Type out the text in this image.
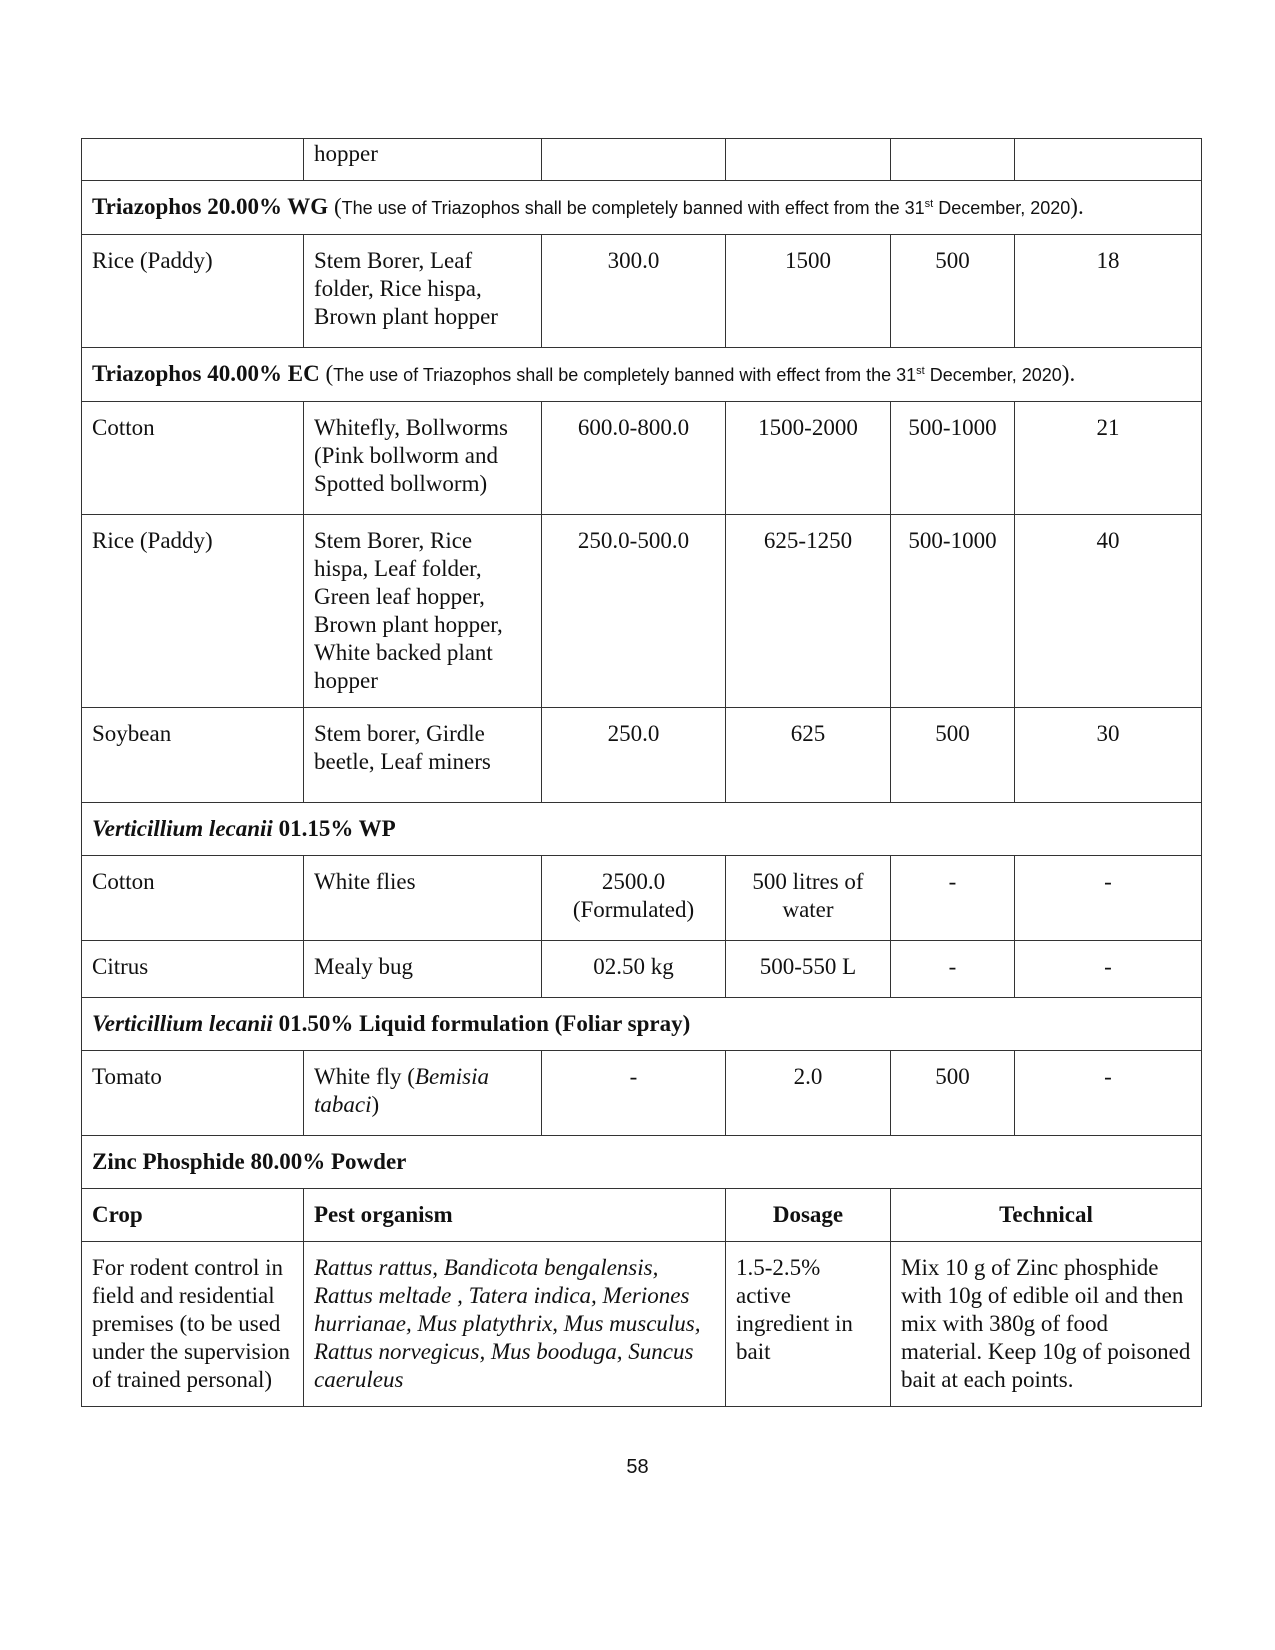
	hopper				
Triazophos 20.00% WG (The use of Triazophos shall be completely banned with effect from the 31st December, 2020).					
Rice (Paddy)	Stem Borer, Leaf folder, Rice hispa, Brown plant hopper	300.0	1500	500	18
Triazophos 40.00% EC (The use of Triazophos shall be completely banned with effect from the 31st December, 2020).					
Cotton	Whitefly, Bollworms (Pink bollworm and Spotted bollworm)	600.0-800.0	1500-2000	500-1000	21
Rice (Paddy)	Stem Borer, Rice hispa, Leaf folder, Green leaf hopper, Brown plant hopper, White backed plant hopper	250.0-500.0	625-1250	500-1000	40
Soybean	Stem borer, Girdle beetle, Leaf miners	250.0	625	500	30
Verticillium lecanii 01.15% WP					
Cotton	White flies	2500.0 (Formulated)	500 litres of water	-	-
Citrus	Mealy bug	02.50 kg	500-550 L	-	-
Verticillium lecanii 01.50% Liquid formulation (Foliar spray)					
Tomato	White fly (Bemisia tabaci)	-	2.0	500	-
Zinc Phosphide 80.00% Powder					
Crop	Pest organism		Dosage	Technical	
For rodent control in field and residential premises (to be used under the supervision of trained personal)	Rattus rattus, Bandicota bengalensis, Rattus meltade , Tatera indica, Meriones hurrianae, Mus platythrix, Mus musculus, Rattus norvegicus, Mus booduga, Suncus caeruleus		1.5-2.5% active ingredient in bait	Mix 10 g of Zinc phosphide with 10g of edible oil and then mix with 380g of food material. Keep 10g of poisoned bait at each points.	
58
